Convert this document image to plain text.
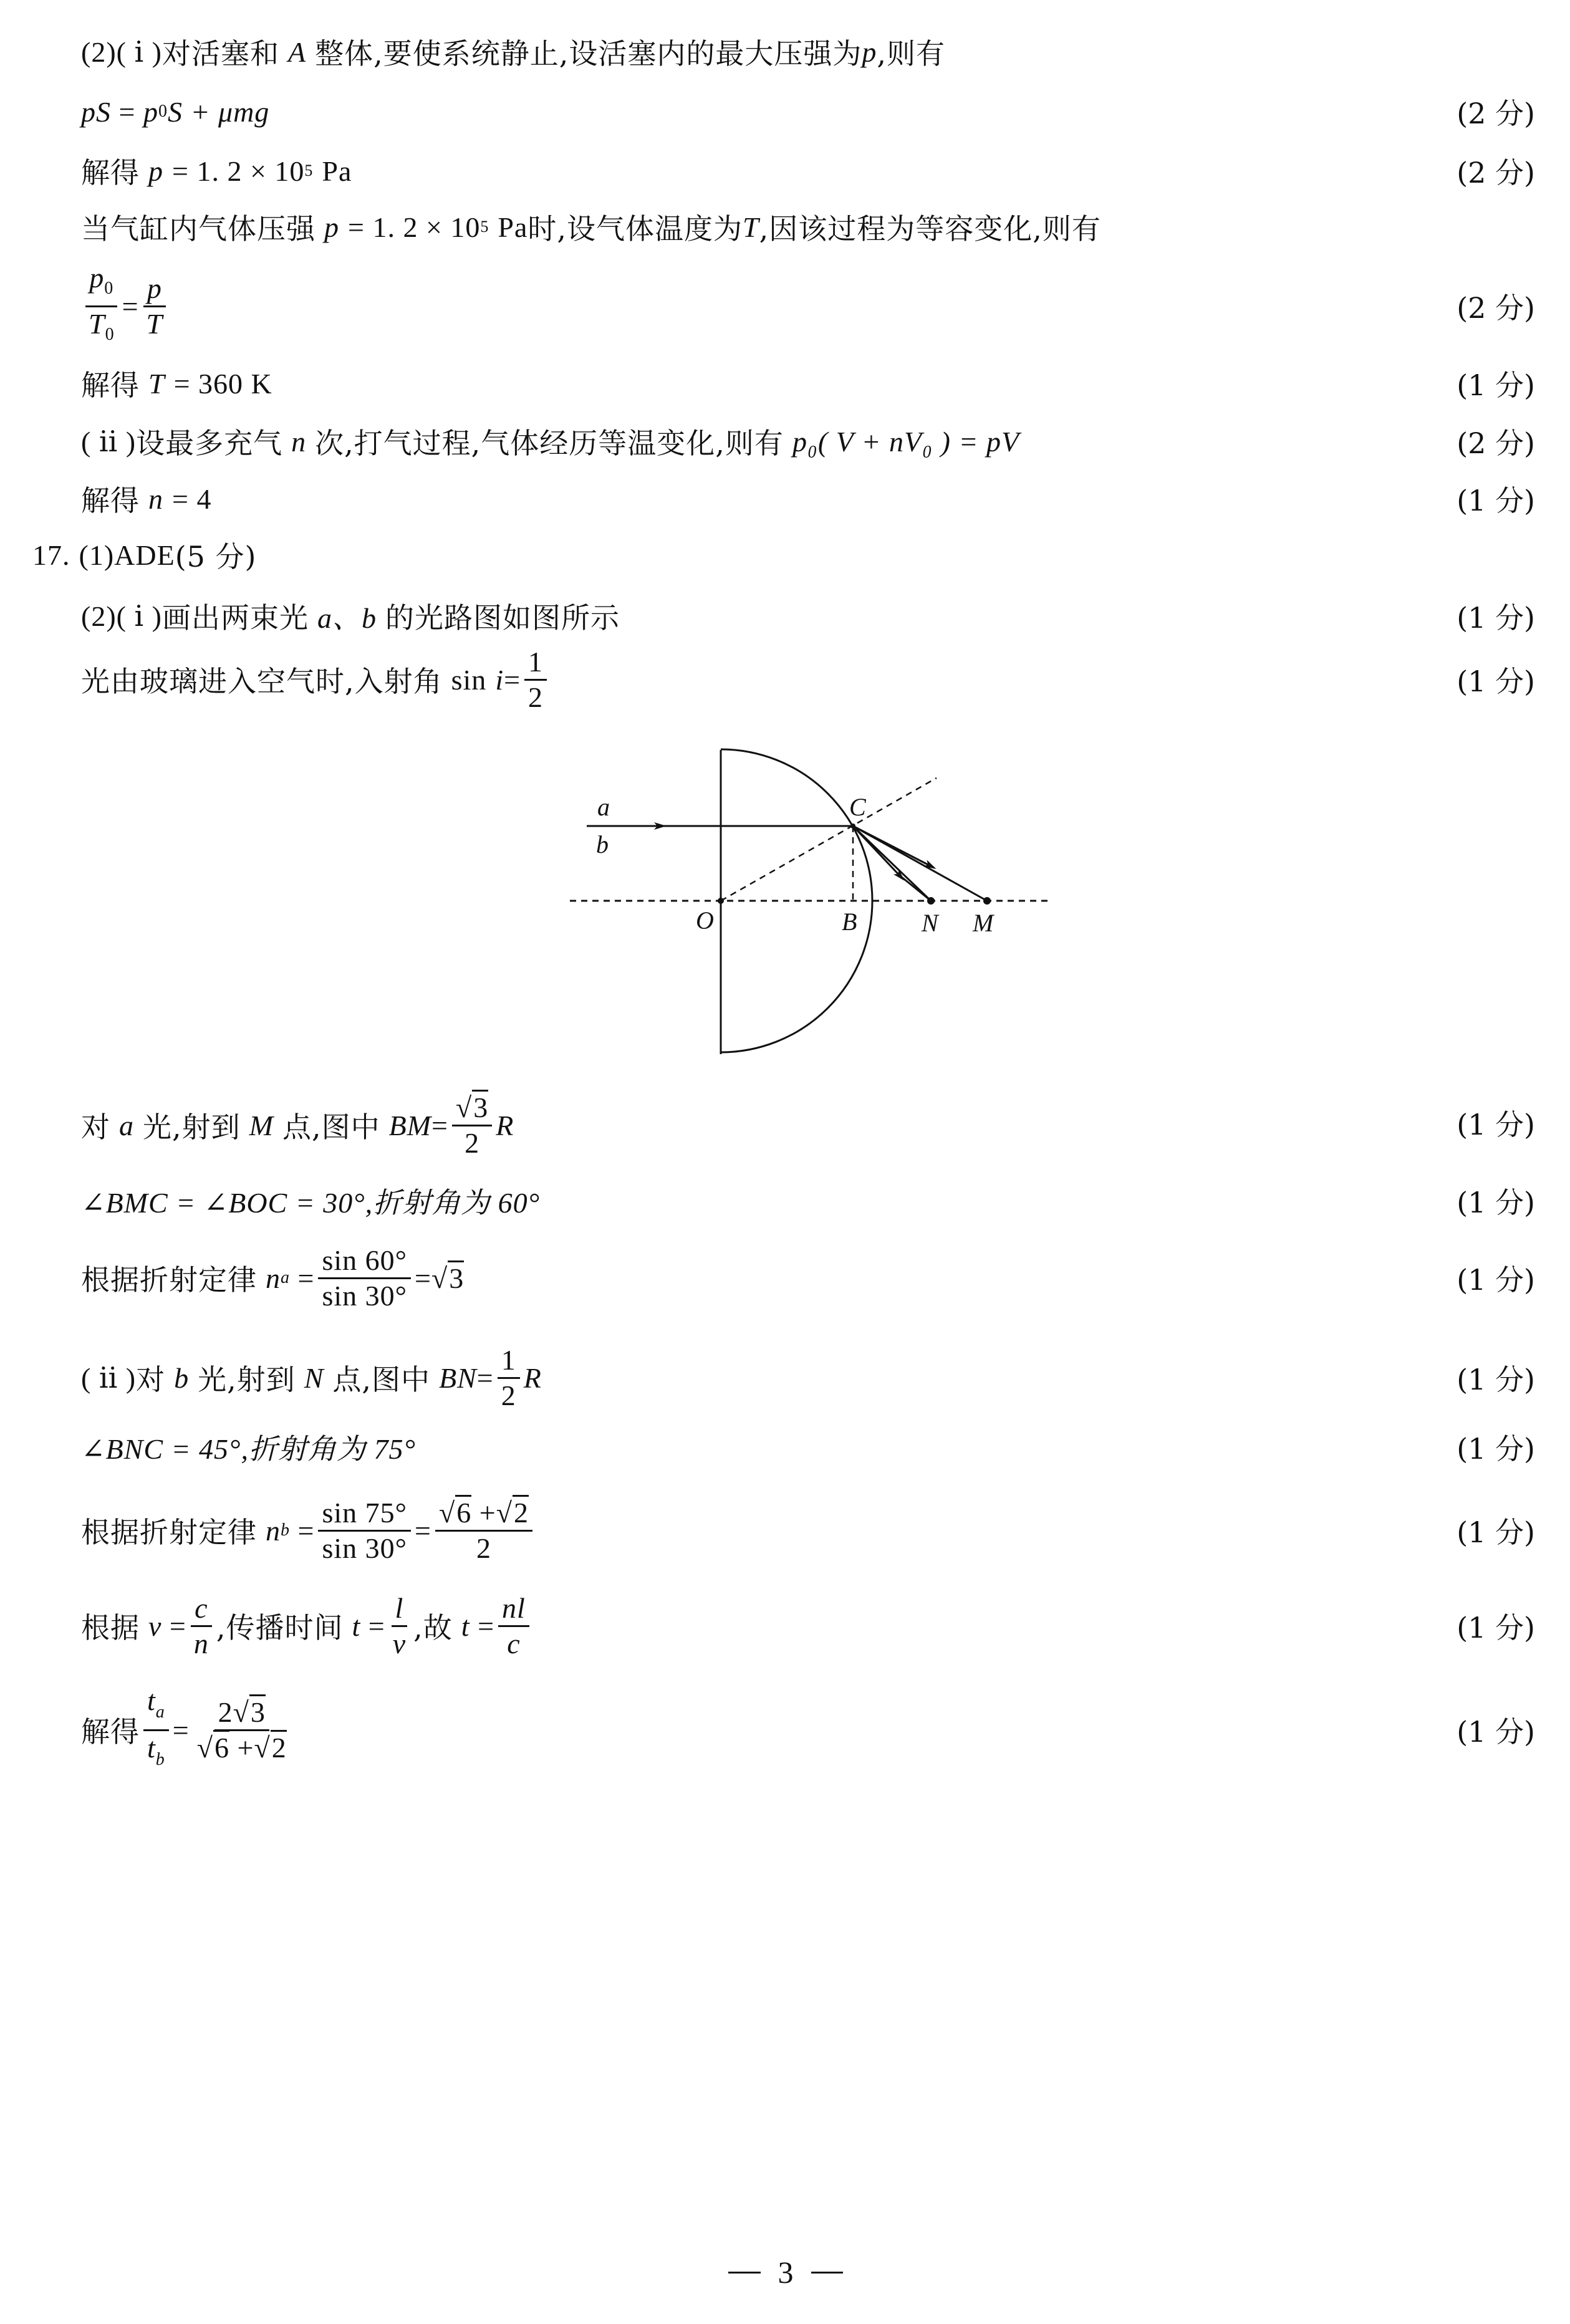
(2)( ⅰ ) 对活塞和 A 整体,要使系统静止,设活塞内的最大压强为 p ,则有
pS = p 0 S + μmg	(2 分)
解得 p = 1. 2 × 10 5 Pa	(2 分)
当气缸内气体压强 p = 1. 2 × 10 5 Pa 时,设气体温度为 T ,因该过程为等容变化,则有
$\frac{p_0}{T_0} = \frac{p}{T}$	(2 分)
解得 T = 360 K	(1 分)
( ⅱ ) 设最多充气 n 次,打气过程,气体经历等温变化,则有 p₀( V + nV₀ ) = pV	(2 分)
解得 n = 4	(1 分)
17. (1) ADE (5 分)
(2)( ⅰ ) 画出两束光 a、b 的光路图如图所示	(1 分)
光由玻璃进入空气时,入射角 $\sin i = \frac{1}{2}$	(1 分)
a
b
C
O	B	N M
对 a 光,射到 M 点,图中 BM = $\frac{√3}{2}$ R	(1 分)
∠BMC = ∠BOC = 30°,折射角为 60°	(1 分)
根据折射定律 n $a = \frac{\sin 60^\circ}{\sin 30^\circ} = √3$	(1 分)
( ⅱ ) 对 b 光,射到 N 点,图中 BN = $\frac{1}{2}$ R	(1 分)
∠BNC = 45°,折射角为 75°	(1 分)
根据折射定律 n $b = \frac{\sin 75^\circ}{\sin 30^\circ} = \frac{√6 +√2}{2}$	(1 分)
根据 $v = \frac{c}{n}$ ,传播时间 $t = \frac{l}{v}$ ,故 $t = \frac{nl}{c}$	(1 分)
解得 $\frac{t_a}{t_b} = \frac{2√3}{√6 +√2}$	(1 分)
3
